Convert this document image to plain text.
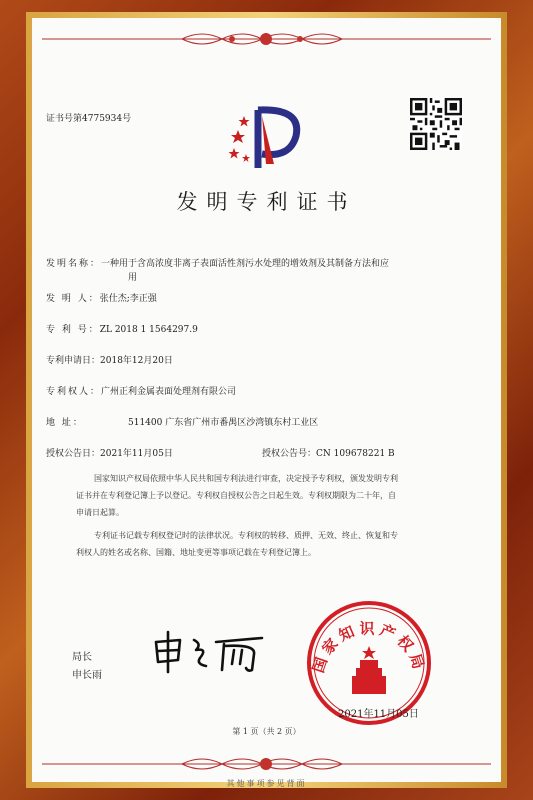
证书号第4775934号
发明专利证书
发明名称：一种用于含高浓度非离子表面活性剂污水处理的增效剂及其制备方法和应
用
发 明 人：张仕杰;李正强
专 利 号：ZL 2018 1 1564297.9
专利申请日：2018年12月20日
专利权人：广州正利金属表面处理剂有限公司
地 址：	511400 广东省广州市番禺区沙湾镇东村工业区
授权公告日：2021年11月05日	授权公告号：CN 109678221 B
国家知识产权局依照中华人民共和国专利法进行审查，决定授予专利权，颁发发明专利
证书并在专利登记簿上予以登记。专利权自授权公告之日起生效。专利权期限为二十年，自
申请日起算。
专利证书记载专利权登记时的法律状况。专利权的转移、质押、无效、终止、恢复和专
利权人的姓名或名称、国籍、地址变更等事项记载在专利登记簿上。
局长
申长雨
国家知识产权局
2021年11月05日
第 1 页（共 2 页）
其他事项参见背面
